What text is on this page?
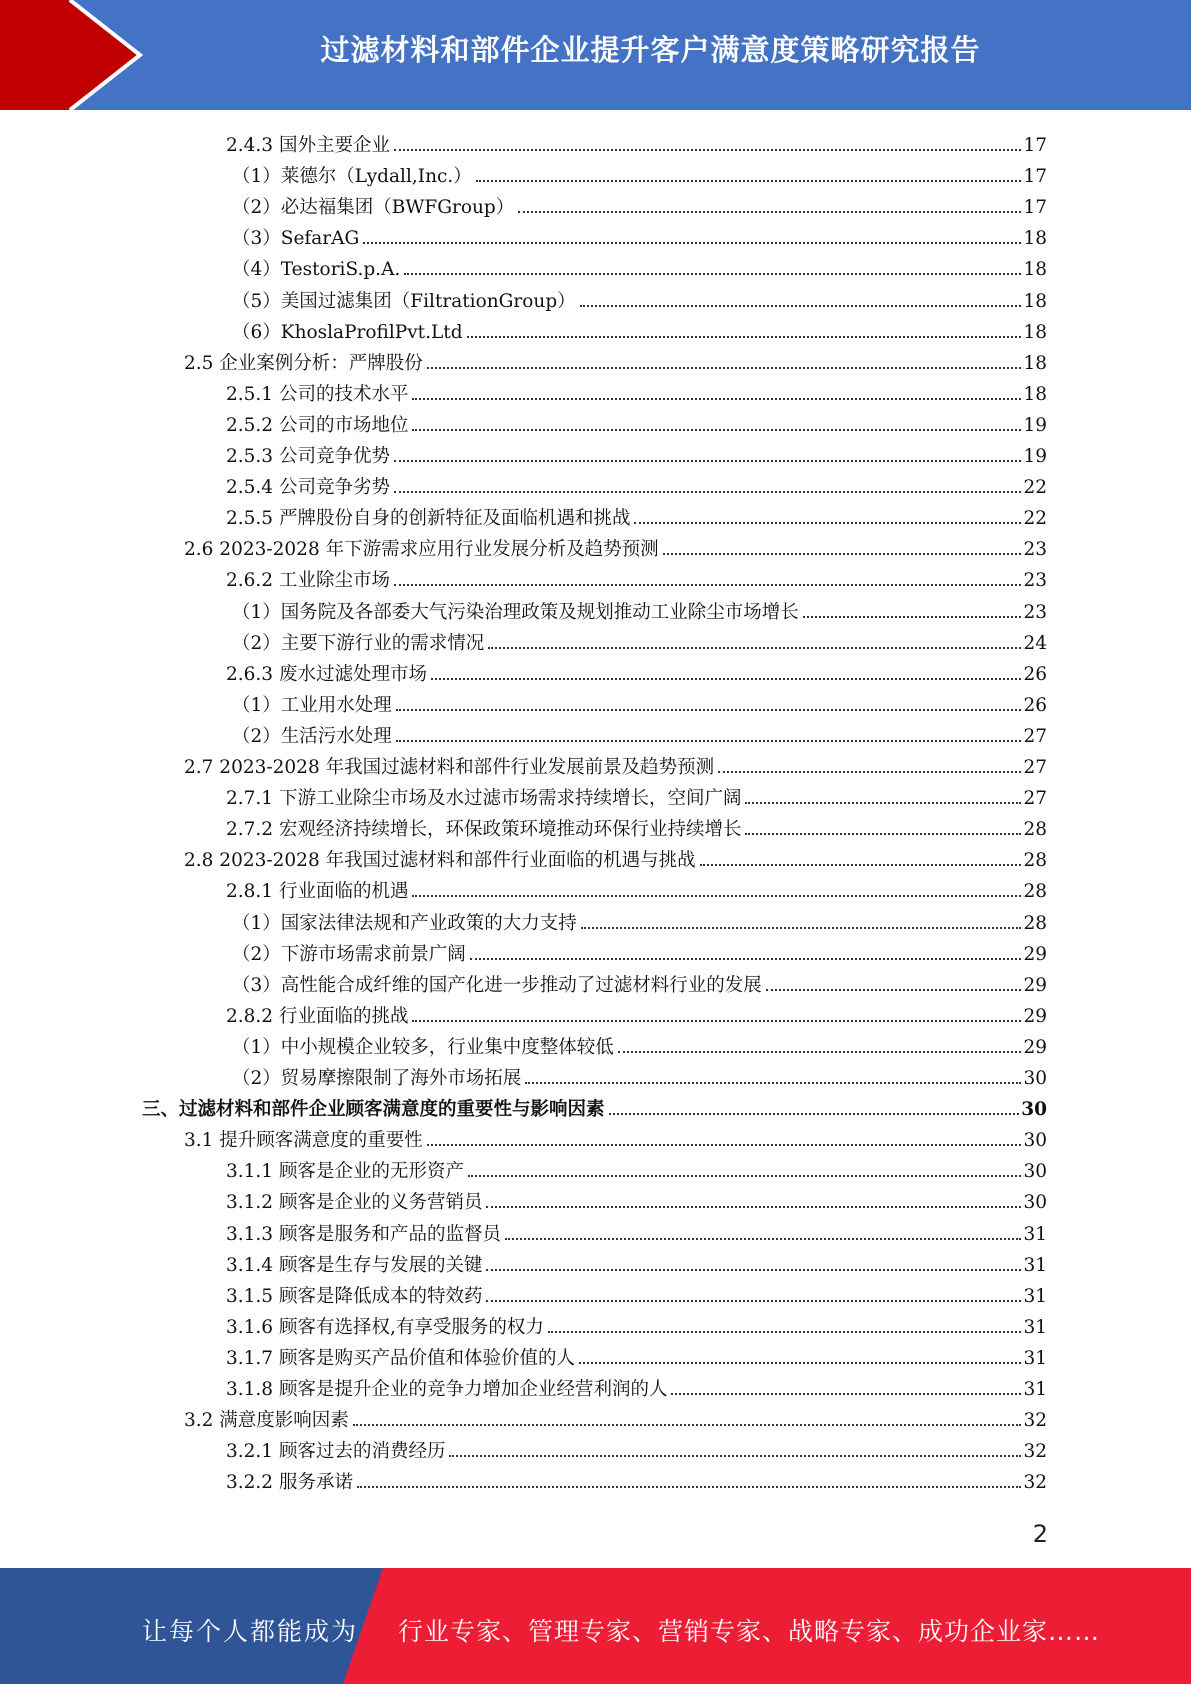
过滤材料和部件企业提升客户满意度策略研究报告
2.4.3 国外主要企业	17
（1）莱德尔（Lydall,Inc.）	17
（2）必达福集团（BWFGroup）	17
（3）SefarAG	18
（4）TestoriS.p.A.	18
（5）美国过滤集团（FiltrationGroup）	18
（6）KhoslaProfilPvt.Ltd	18
2.5 企业案例分析：严牌股份	18
2.5.1 公司的技术水平	18
2.5.2 公司的市场地位	19
2.5.3 公司竞争优势	19
2.5.4 公司竞争劣势	22
2.5.5 严牌股份自身的创新特征及面临机遇和挑战	22
2.6 2023-2028 年下游需求应用行业发展分析及趋势预测	23
2.6.2 工业除尘市场	23
（1）国务院及各部委大气污染治理政策及规划推动工业除尘市场增长	23
（2）主要下游行业的需求情况	24
2.6.3 废水过滤处理市场	26
（1）工业用水处理	26
（2）生活污水处理	27
2.7 2023-2028 年我国过滤材料和部件行业发展前景及趋势预测	27
2.7.1 下游工业除尘市场及水过滤市场需求持续增长，空间广阔	27
2.7.2 宏观经济持续增长，环保政策环境推动环保行业持续增长	28
2.8 2023-2028 年我国过滤材料和部件行业面临的机遇与挑战	28
2.8.1 行业面临的机遇	28
（1）国家法律法规和产业政策的大力支持	28
（2）下游市场需求前景广阔	29
（3）高性能合成纤维的国产化进一步推动了过滤材料行业的发展	29
2.8.2 行业面临的挑战	29
（1）中小规模企业较多，行业集中度整体较低	29
（2）贸易摩擦限制了海外市场拓展	30
三、过滤材料和部件企业顾客满意度的重要性与影响因素	30
3.1 提升顾客满意度的重要性	30
3.1.1 顾客是企业的无形资产	30
3.1.2 顾客是企业的义务营销员	30
3.1.3 顾客是服务和产品的监督员	31
3.1.4 顾客是生存与发展的关键	31
3.1.5 顾客是降低成本的特效药	31
3.1.6 顾客有选择权,有享受服务的权力	31
3.1.7 顾客是购买产品价值和体验价值的人	31
3.1.8 顾客是提升企业的竞争力增加企业经营利润的人	31
3.2 满意度影响因素	32
3.2.1 顾客过去的消费经历	32
3.2.2 服务承诺	32
2
让每个人都能成为 行业专家、管理专家、营销专家、战略专家、成功企业家……
